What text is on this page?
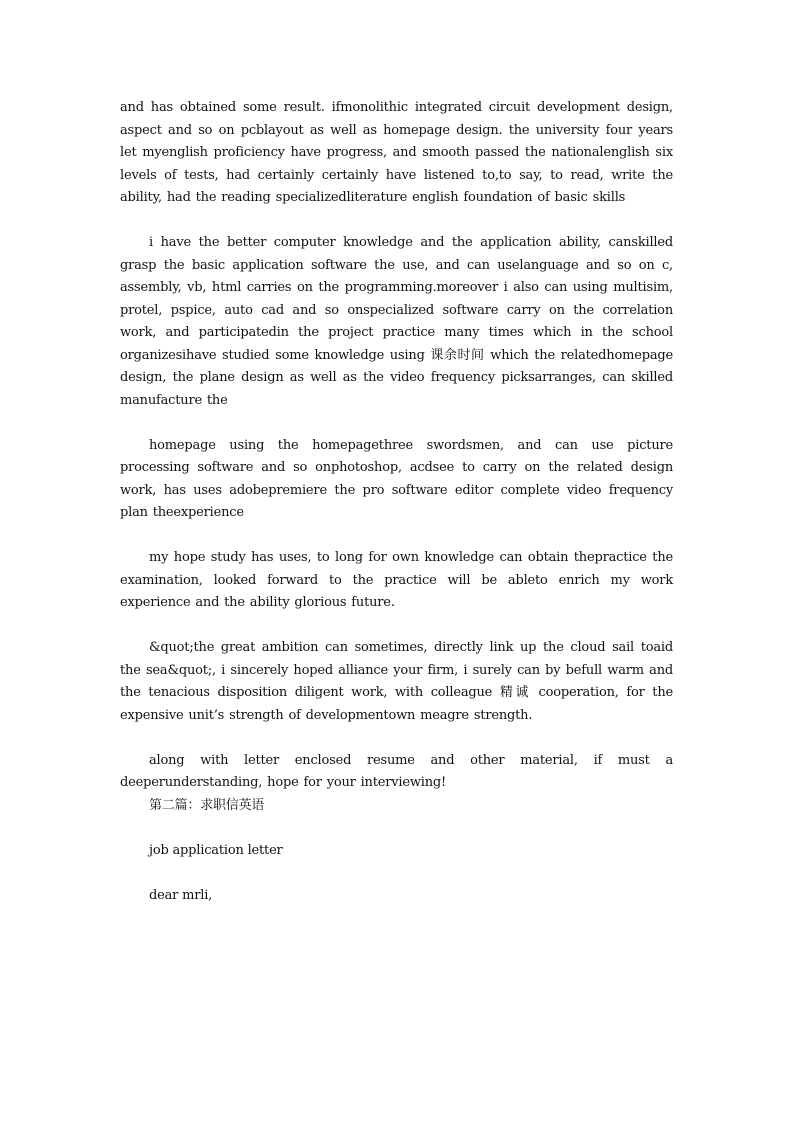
and has obtained some result. ifmonolithic integrated circuit development design, aspect and so on pcblayout as well as homepage design. the university four years let myenglish proficiency have progress, and smooth passed the nationalenglish six levels of tests, had certainly certainly have listened to,to say, to read, write the ability, had the reading specializedliterature english foundation of basic skills

i have the better computer knowledge and the application ability, canskilled grasp the basic application software the use, and can uselanguage and so on c, assembly, vb, html carries on the programming.moreover i also can using multisim, protel, pspice, auto cad and so onspecialized software carry on the correlation work, and participatedin the project practice many times which in the school organizesihave studied some knowledge using 课余时间 which the relatedhomepage design, the plane design as well as the video frequency picksarranges, can skilled manufacture the

homepage using the homepagethree swordsmen, and can use picture processing software and so onphotoshop, acdsee to carry on the related design work, has uses adobepremiere the pro software editor complete video frequency plan theexperience

my hope study has uses, to long for own knowledge can obtain thepractice the examination, looked forward to the practice will be ableto enrich my work experience and the ability glorious future.

&quot;the great ambition can sometimes, directly link up the cloud sail toaid the sea&quot;, i sincerely hoped alliance your firm, i surely can by befull warm and the tenacious disposition diligent work, with colleague 精诚 cooperation, for the expensive unit’s strength of developmentown meagre strength.

along with letter enclosed resume and other material, if must a deeperunderstanding, hope for your interviewing!

第二篇：求职信英语

job application letter

dear mrli,
